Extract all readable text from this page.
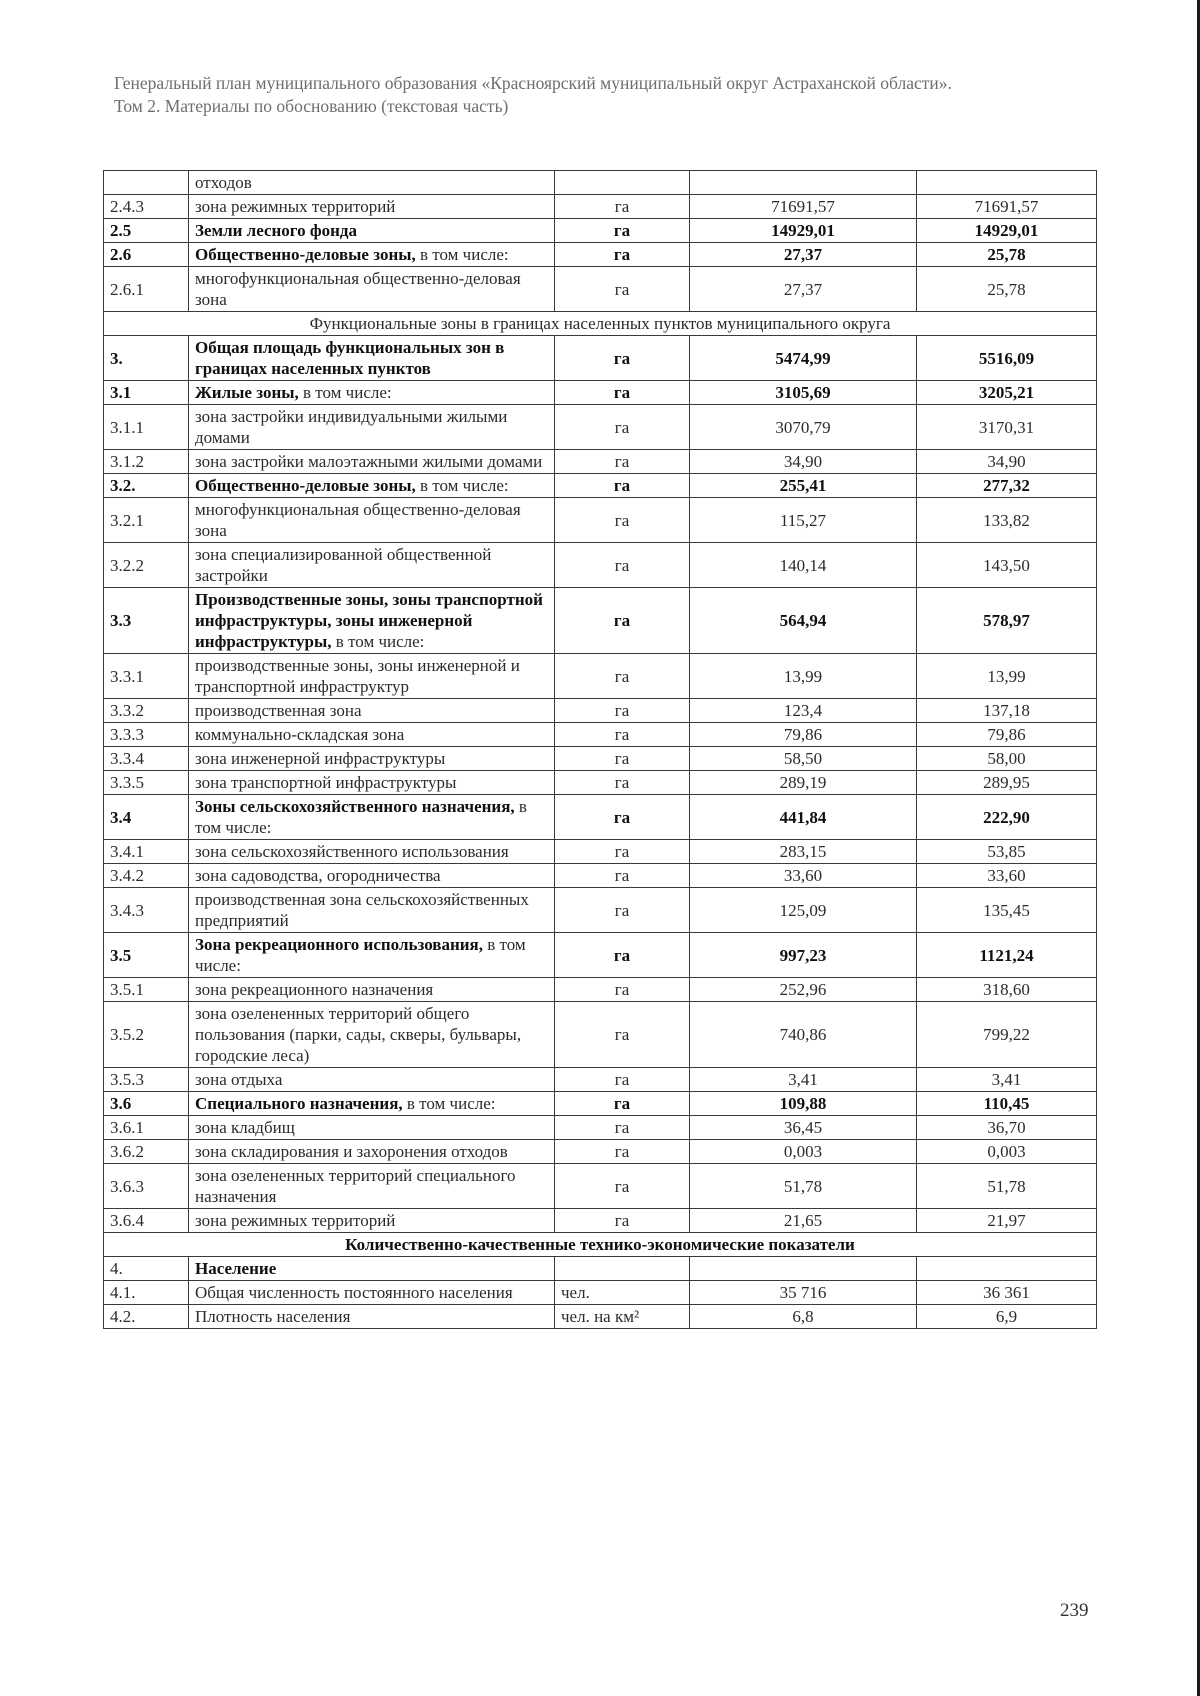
Генеральный план муниципального образования «Красноярский муниципальный округ Астраханской области».
Том 2. Материалы по обоснованию (текстовая часть)
	отходов			
2.4.3	зона режимных территорий	га	71691,57	71691,57
2.5	Земли лесного фонда	га	14929,01	14929,01
2.6	Общественно-деловые зоны, в том числе:	га	27,37	25,78
2.6.1	многофункциональная общественно-деловая зона	га	27,37	25,78
Функциональные зоны в границах населенных пунктов муниципального округа				
3.	Общая площадь функциональных зон в границах населенных пунктов	га	5474,99	5516,09
3.1	Жилые зоны, в том числе:	га	3105,69	3205,21
3.1.1	зона застройки индивидуальными жилыми домами	га	3070,79	3170,31
3.1.2	зона застройки малоэтажными жилыми домами	га	34,90	34,90
3.2.	Общественно-деловые зоны, в том числе:	га	255,41	277,32
3.2.1	многофункциональная общественно-деловая зона	га	115,27	133,82
3.2.2	зона специализированной общественной застройки	га	140,14	143,50
3.3	Производственные зоны, зоны транспортной инфраструктуры, зоны инженерной инфраструктуры, в том числе:	га	564,94	578,97
3.3.1	производственные зоны, зоны инженерной и транспортной инфраструктур	га	13,99	13,99
3.3.2	производственная зона	га	123,4	137,18
3.3.3	коммунально-складская зона	га	79,86	79,86
3.3.4	зона инженерной инфраструктуры	га	58,50	58,00
3.3.5	зона транспортной инфраструктуры	га	289,19	289,95
3.4	Зоны сельскохозяйственного назначения, в том числе:	га	441,84	222,90
3.4.1	зона сельскохозяйственного использования	га	283,15	53,85
3.4.2	зона садоводства, огородничества	га	33,60	33,60
3.4.3	производственная зона сельскохозяйственных предприятий	га	125,09	135,45
3.5	Зона рекреационного использования, в том числе:	га	997,23	1121,24
3.5.1	зона рекреационного назначения	га	252,96	318,60
3.5.2	зона озелененных территорий общего пользования (парки, сады, скверы, бульвары, городские леса)	га	740,86	799,22
3.5.3	зона отдыха	га	3,41	3,41
3.6	Специального назначения, в том числе:	га	109,88	110,45
3.6.1	зона кладбищ	га	36,45	36,70
3.6.2	зона складирования и захоронения отходов	га	0,003	0,003
3.6.3	зона озелененных территорий специального назначения	га	51,78	51,78
3.6.4	зона режимных территорий	га	21,65	21,97
Количественно-качественные технико-экономические показатели				
4.	Население			
4.1.	Общая численность постоянного населения	чел.	35 716	36 361
4.2.	Плотность населения	чел. на км²	6,8	6,9
239
